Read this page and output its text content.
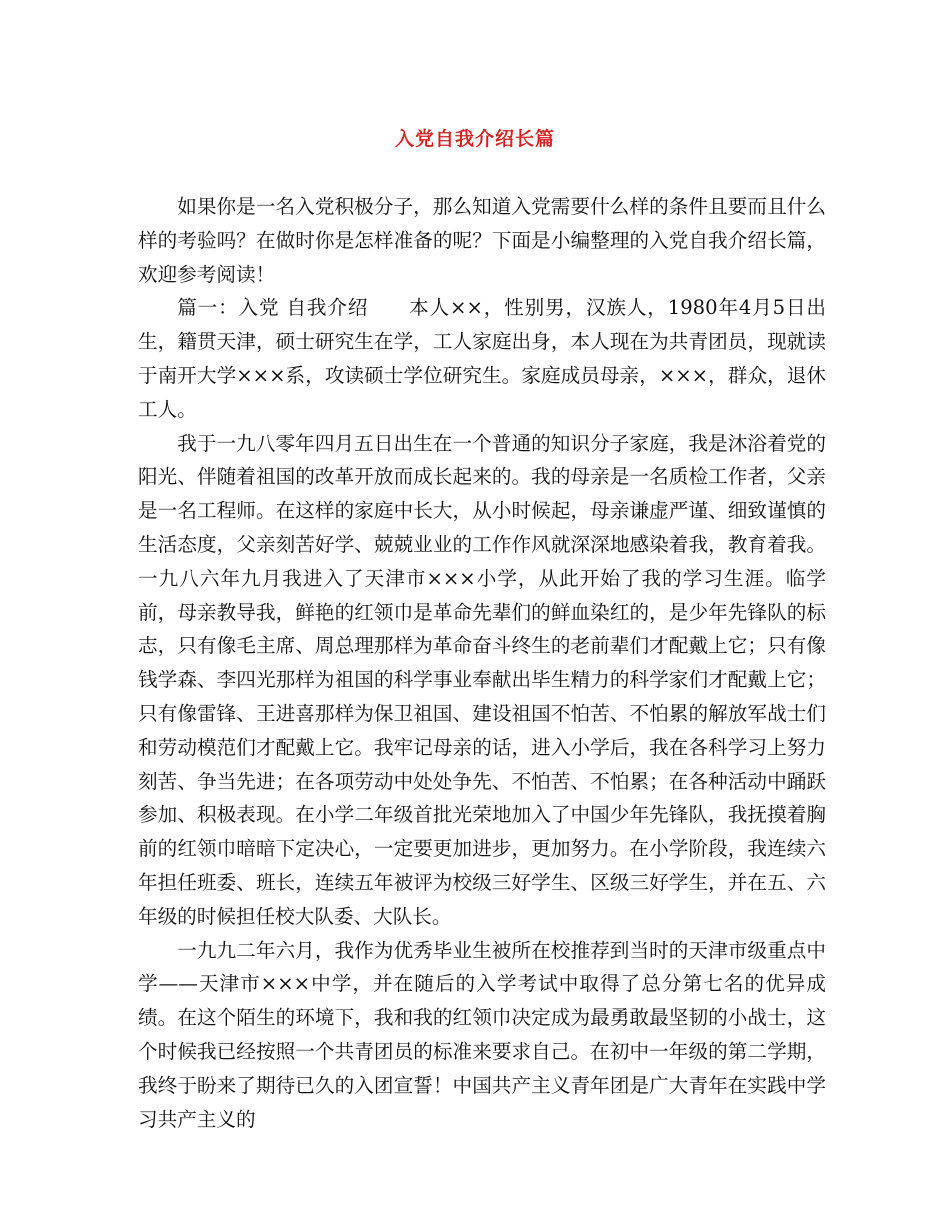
入党自我介绍长篇

如果你是一名入党积极分子，那么知道入党需要什么样的条件且要而且什么样的考验吗？在做时你是怎样准备的呢？下面是小编整理的入党自我介绍长篇，欢迎参考阅读！

篇一：入党 自我介绍　　本人××，性别男，汉族人，1980年4月5日出生，籍贯天津，硕士研究生在学，工人家庭出身，本人现在为共青团员，现就读于南开大学×××系，攻读硕士学位研究生。家庭成员母亲，×××，群众，退休工人。

我于一九八零年四月五日出生在一个普通的知识分子家庭，我是沐浴着党的阳光、伴随着祖国的改革开放而成长起来的。我的母亲是一名质检工作者，父亲是一名工程师。在这样的家庭中长大，从小时候起，母亲谦虚严谨、细致谨慎的生活态度，父亲刻苦好学、兢兢业业的工作作风就深深地感染着我，教育着我。一九八六年九月我进入了天津市×××小学，从此开始了我的学习生涯。临学前，母亲教导我，鲜艳的红领巾是革命先辈们的鲜血染红的，是少年先锋队的标志，只有像毛主席、周总理那样为革命奋斗终生的老前辈们才配戴上它；只有像钱学森、李四光那样为祖国的科学事业奉献出毕生精力的科学家们才配戴上它；只有像雷锋、王进喜那样为保卫祖国、建设祖国不怕苦、不怕累的解放军战士们和劳动模范们才配戴上它。我牢记母亲的话，进入小学后，我在各科学习上努力刻苦、争当先进；在各项劳动中处处争先、不怕苦、不怕累；在各种活动中踊跃参加、积极表现。在小学二年级首批光荣地加入了中国少年先锋队，我抚摸着胸前的红领巾暗暗下定决心，一定要更加进步，更加努力。在小学阶段，我连续六年担任班委、班长，连续五年被评为校级三好学生、区级三好学生，并在五、六年级的时候担任校大队委、大队长。

一九九二年六月，我作为优秀毕业生被所在校推荐到当时的天津市级重点中学——天津市×××中学，并在随后的入学考试中取得了总分第七名的优异成绩。在这个陌生的环境下，我和我的红领巾决定成为最勇敢最坚韧的小战士，这个时候我已经按照一个共青团员的标准来要求自己。在初中一年级的第二学期，我终于盼来了期待已久的入团宣誓！中国共产主义青年团是广大青年在实践中学习共产主义的
